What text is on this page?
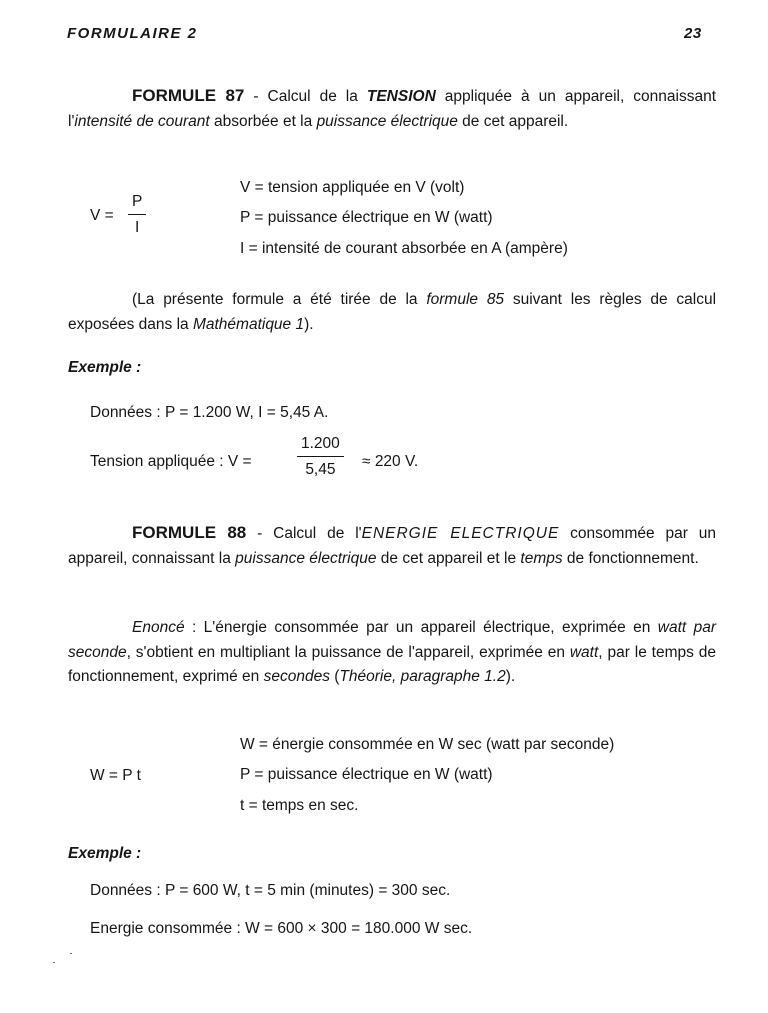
FORMULAIRE 2	23
FORMULE 87 - Calcul de la TENSION appliquée à un appareil, connaissant l'intensité de courant absorbée et la puissance électrique de cet appareil.
$V = \frac{P}{I}$
V = tension appliquée en V (volt)
P = puissance électrique en W (watt)
I = intensité de courant absorbée en A (ampère)
(La présente formule a été tirée de la formule 85 suivant les règles de calcul exposées dans la Mathématique 1).
Exemple :
Données : P = 1.200 W, I = 5,45 A.
Tension appliquée : V =	$\frac{1.200}{5,45} \approx 220$ V.
FORMULE 88 - Calcul de l'ENERGIE ELECTRIQUE consommée par un appareil, connaissant la puissance électrique de cet appareil et le temps de fonctionnement.
Enoncé : L'énergie consommée par un appareil électrique, exprimée en watt par seconde, s'obtient en multipliant la puissance de l'appareil, exprimée en watt, par le temps de fonctionnement, exprimé en secondes (Théorie, paragraphe 1.2).
W = P t
W = énergie consommée en W sec (watt par seconde)
P = puissance électrique en W (watt)
t = temps en sec.
Exemple :
Données : P = 600 W, t = 5 min (minutes) = 300 sec.
Energie consommée : W = 600 × 300 = 180.000 W sec.
